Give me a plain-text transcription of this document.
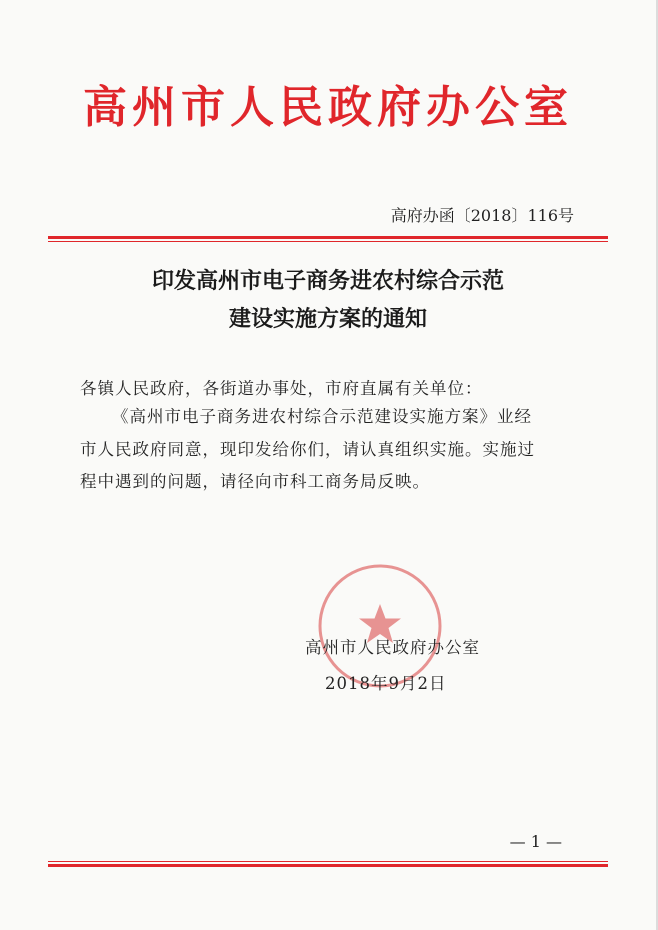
高州市人民政府办公室
高府办函〔2018〕116号
印发高州市电子商务进农村综合示范
建设实施方案的通知
各镇人民政府，各街道办事处，市府直属有关单位：
《高州市电子商务进农村综合示范建设实施方案》业经
市人民政府同意，现印发给你们，请认真组织实施。实施过
程中遇到的问题，请径向市科工商务局反映。
高州市人民政府办公室
2018年9月2日
— 1 —
